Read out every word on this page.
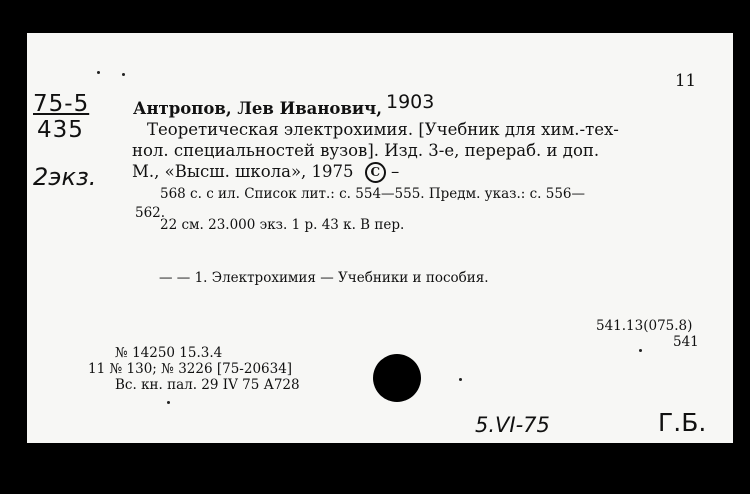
11
75-5
435
2экз.
Антропов, Лев Иванович, 1903
Теоретическая электрохимия. [Учебник для хим.-тех-
нол. специальностей вузов]. Изд. 3-е, перераб. и доп.
М., «Высш. школа», 1975 C –
568 с. с ил. Список лит.: с. 554—555. Предм. указ.: с. 556—
562.
22 см. 23.000 экз. 1 р. 43 к. В пер.
— — 1. Электрохимия — Учебники и пособия.
541.13(075.8)
541
№ 14250 15.3.4
11 № 130; № 3226 [75-20634]
Вс. кн. пал. 29 IV 75 А728
5.VI-75	Г.Б.
